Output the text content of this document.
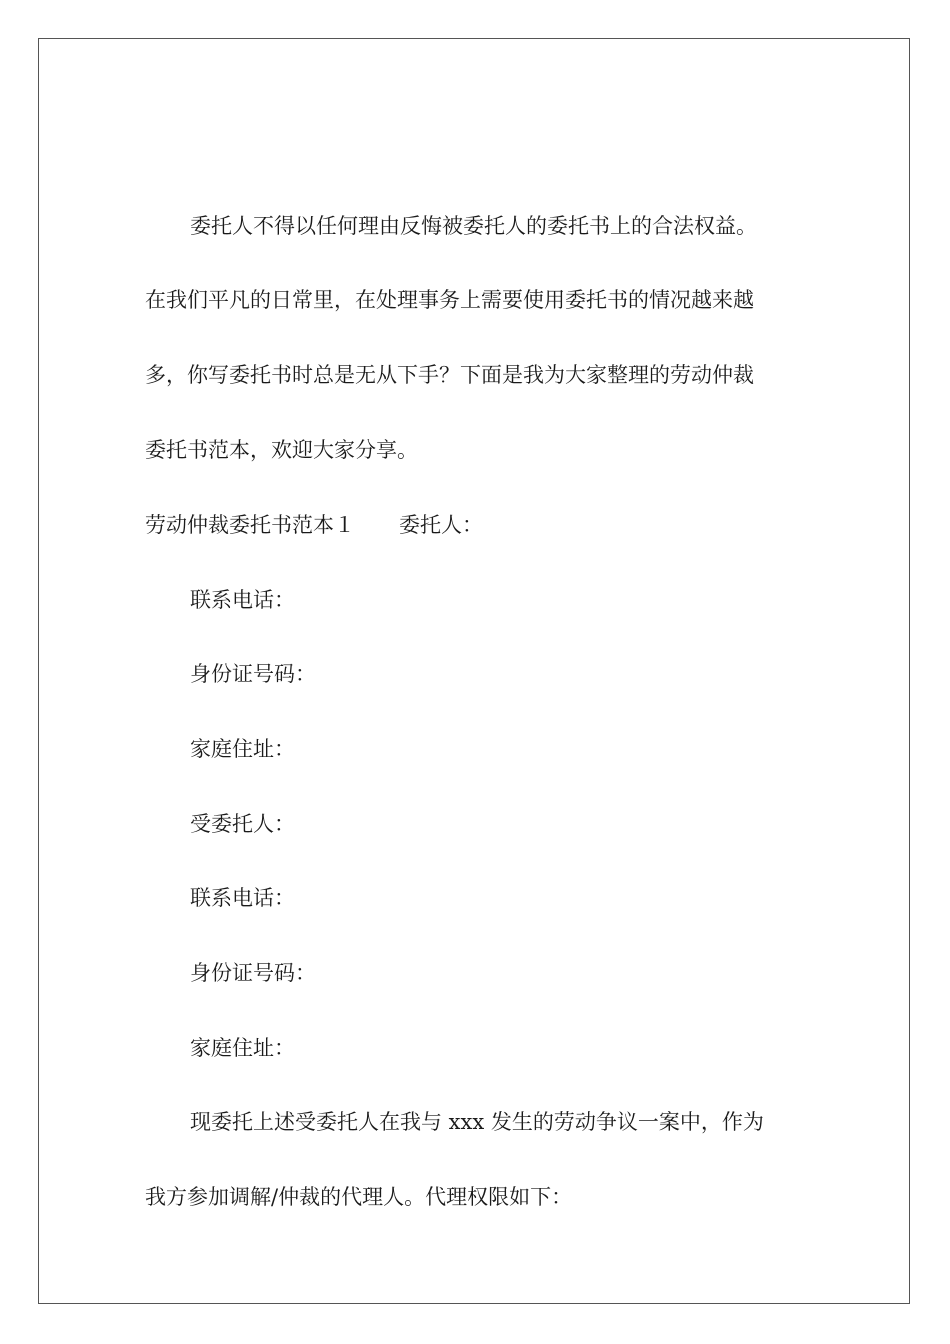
委托人不得以任何理由反悔被委托人的委托书上的合法权益。
在我们平凡的日常里，在处理事务上需要使用委托书的情况越来越
多，你写委托书时总是无从下手？下面是我为大家整理的劳动仲裁
委托书范本，欢迎大家分享。
劳动仲裁委托书范本１ 委托人：
联系电话：
身份证号码：
家庭住址：
受委托人：
联系电话：
身份证号码：
家庭住址：
现委托上述受委托人在我与 xxx 发生的劳动争议一案中，作为
我方参加调解/仲裁的代理人。代理权限如下：
